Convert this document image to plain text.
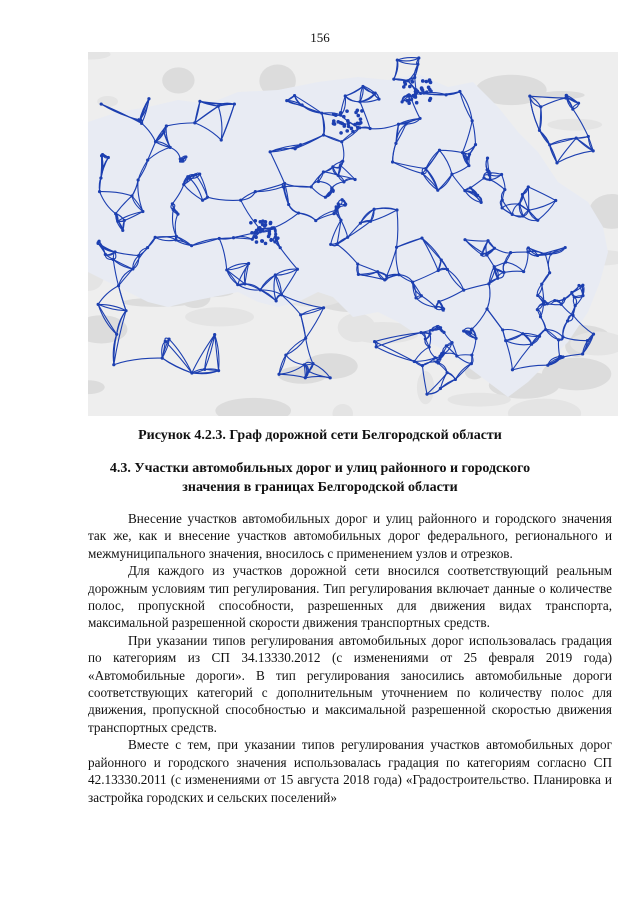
156
Рисунок 4.2.3. Граф дорожной сети Белгородской области
4.3. Участки автомобильных дорог и улиц районного и городского
значения в границах Белгородской области

Внесение участков автомобильных дорог и улиц районного и городского значения так же, как и внесение участков автомобильных дорог федерального, регионального и межмуниципального значения, вносилось с применением узлов и отрезков.

Для каждого из участков дорожной сети вносился соответствующий реальным дорожным условиям тип регулирования. Тип регулирования включает данные о количестве полос, пропускной способности, разрешенных для движения видах транспорта, максимальной разрешенной скорости движения транспортных средств.

При указании типов регулирования автомобильных дорог использовалась градация по категориям из СП 34.13330.2012 (с изменениями от 25 февраля 2019 года) «Автомобильные дороги». В тип регулирования заносились автомобильные дороги соответствующих категорий с дополнительным уточнением по количеству полос для движения, пропускной способностью и максимальной разрешенной скоростью движения транспортных средств.

Вместе с тем, при указании типов регулирования участков автомобильных дорог районного и городского значения использовалась градация по категориям согласно СП 42.13330.2011 (с изменениями от 15 августа 2018 года) «Градостроительство. Планировка и застройка городских и сельских поселений»
